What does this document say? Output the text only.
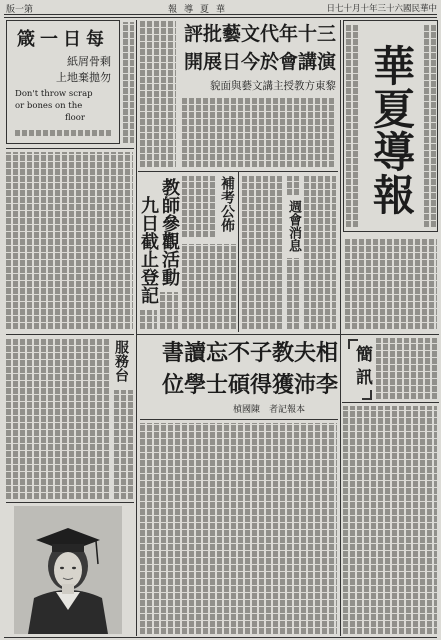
第一版	華夏導報	中華民國六十三年十月十七日
每日一箴
剩骨屑紙
勿拋棄地上
Don't throw scrap
or bones on the
floor
服務台
三十年代文藝批評
演講會於今日展開
黎東方教授主講文藝與面貌
補考公佈	週會消息
教師參觀活動
九日截止登記
華夏導報
簡訊
相夫教子不忘讀書
李沛獲得碩士學位
本報記者　陳國楨
